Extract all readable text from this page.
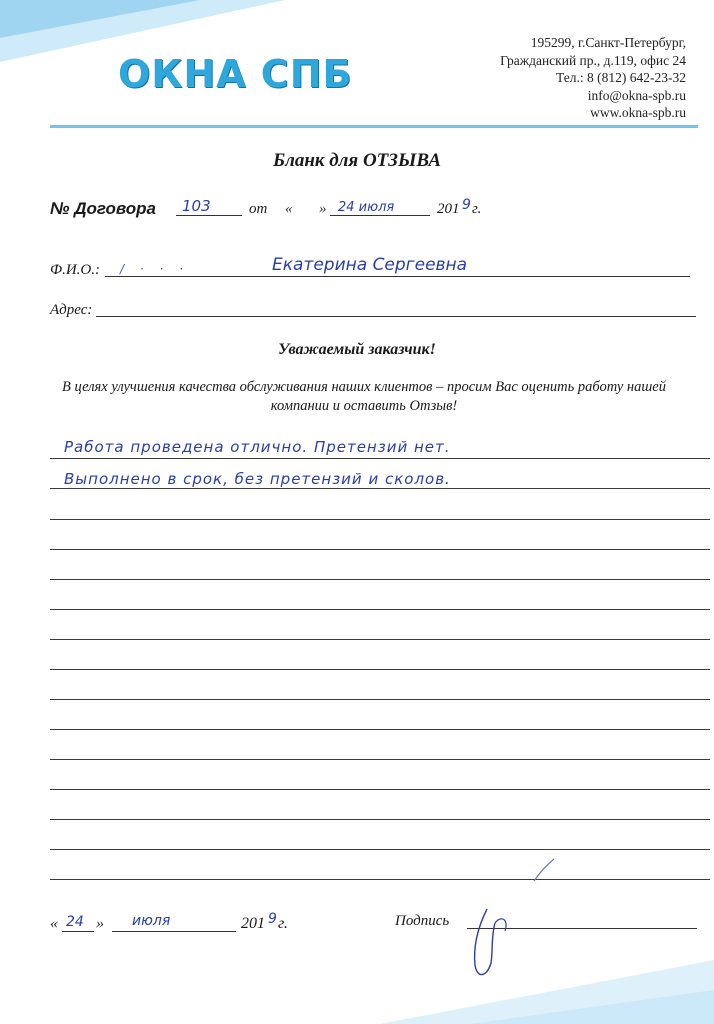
ОКНА СПБ
195299, г.Санкт-Петербург,
Гражданский пр., д.119, офис 24
Тел.: 8 (812) 642-23-32
info@okna-spb.ru
www.okna-spb.ru
Бланк для ОТЗЫВА
№ Договора 103	от « » 24 июля	201 9 г.
Ф.И.О.: / · · ·	Екатерина Сергеевна
Адрес:
Уважаемый заказчик!
В целях улучшения качества обслуживания наших клиентов – просим Вас оценить работу нашей компании и оставить Отзыв!
Работа проведена отлично. Претензий нет.
Выполнено в срок, без претензий и сколов.
« 24 » июля	201 9 г.	Подпись
